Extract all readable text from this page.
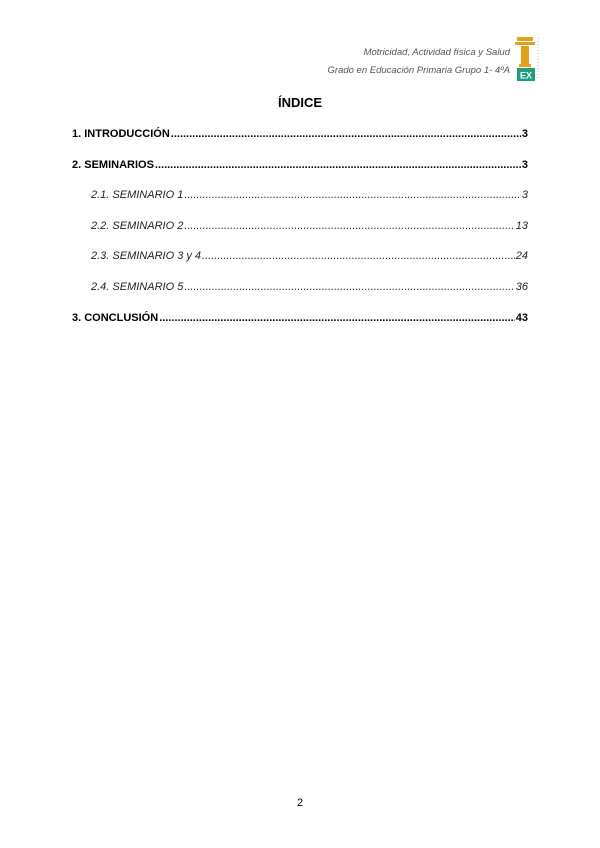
Motricidad, Actividad física y Salud
Grado en Educación Primaria Grupo 1- 4ºA EX
ÍNDICE
1. INTRODUCCIÓN .....	3
2. SEMINARIOS .....	3
2.1. SEMINARIO 1 .....	3
2.2. SEMINARIO 2 .....	13
2.3. SEMINARIO 3 y 4 .....	24
2.4. SEMINARIO 5 .....	36
3. CONCLUSIÓN .....	43
2
